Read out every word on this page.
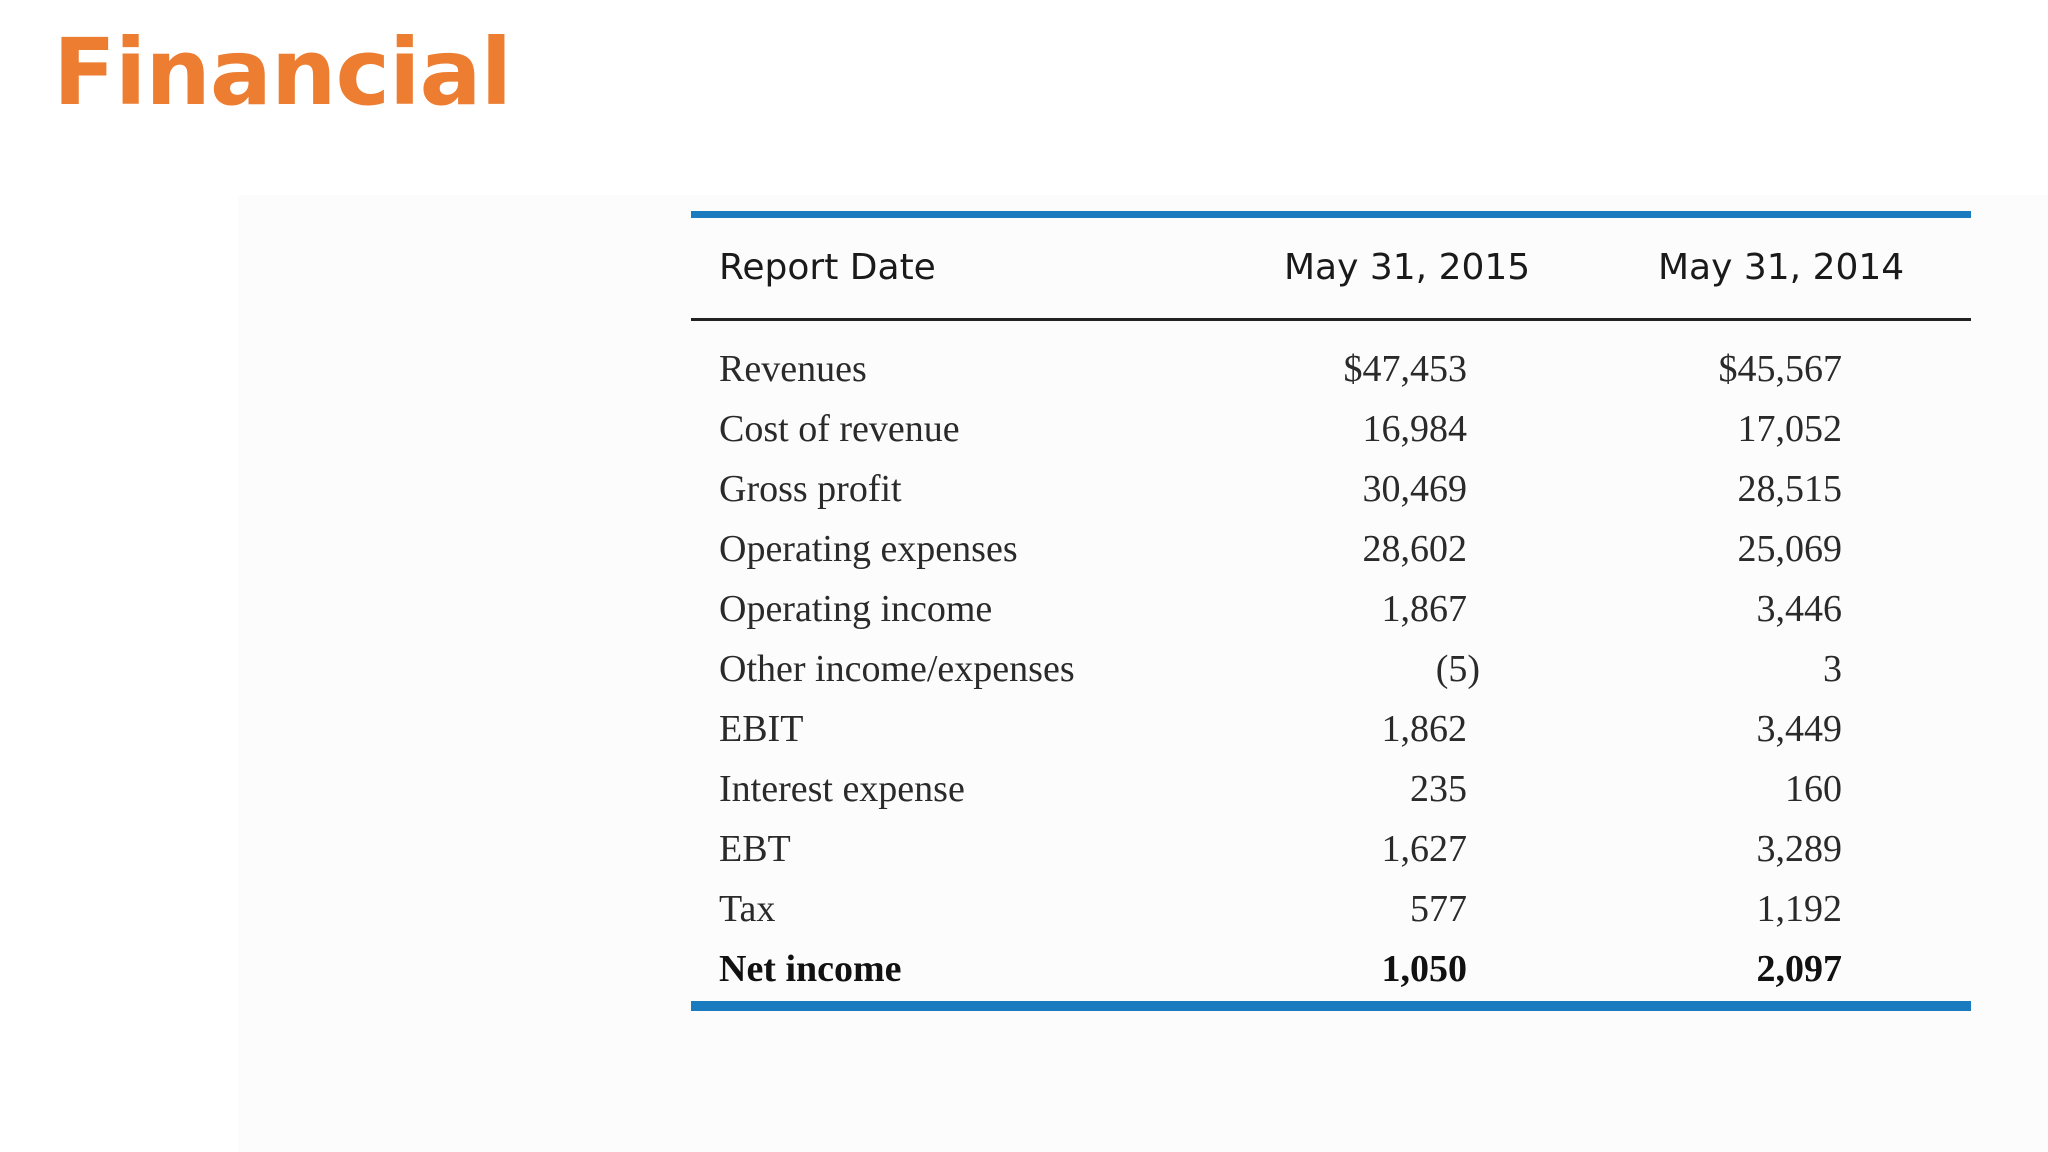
Financial
Report Date	May 31, 2015	May 31, 2014
Revenues	$47,453	$45,567
Cost of revenue	16,984	17,052
Gross profit	30,469	28,515
Operating expenses	28,602	25,069
Operating income	1,867	3,446
Other income/expenses	(5)	3
EBIT	1,862	3,449
Interest expense	235	160
EBT	1,627	3,289
Tax	577	1,192
Net income	1,050	2,097
